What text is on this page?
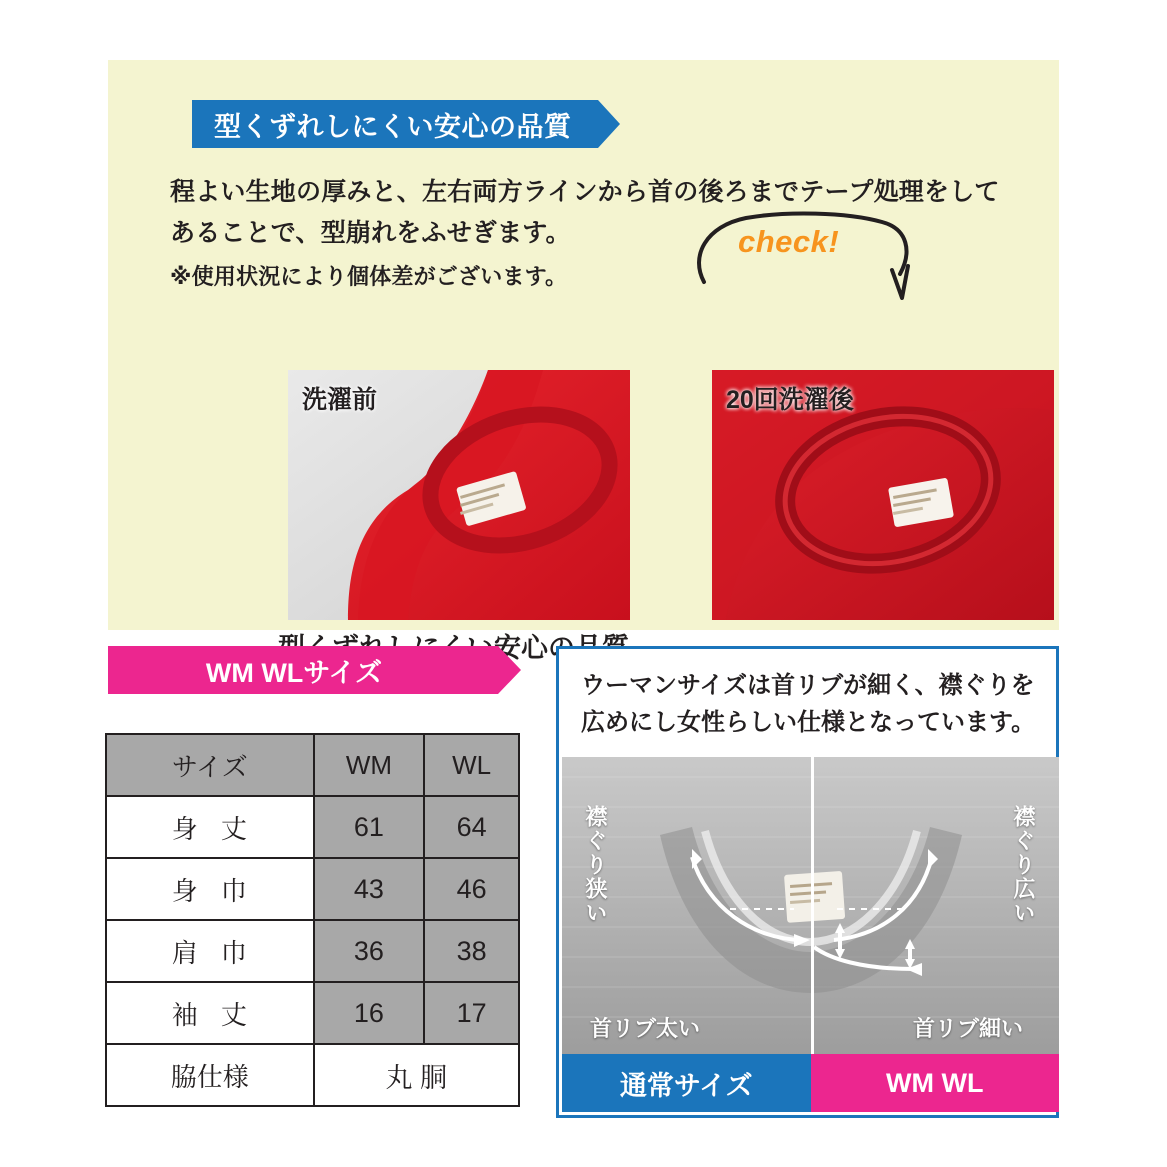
型くずれしにくい安心の品質
程よい生地の厚みと、左右両方ラインから首の後ろまでテープ処理をしてあることで、型崩れをふせぎます。
※使用状況により個体差がございます。
check!
洗濯前	20回洗濯後
WM WLサイズ
サイズ	WM	WL
身 丈	61	64
身 巾	43	46
肩 巾	36	38
袖 丈	16	17
脇仕様	丸 胴	
ウーマンサイズは首リブが細く、襟ぐりを広めにし女性らしい仕様となっています。
襟ぐり狭い	襟ぐり広い
首リブ太い	首リブ細い
通常サイズ	WM WL
